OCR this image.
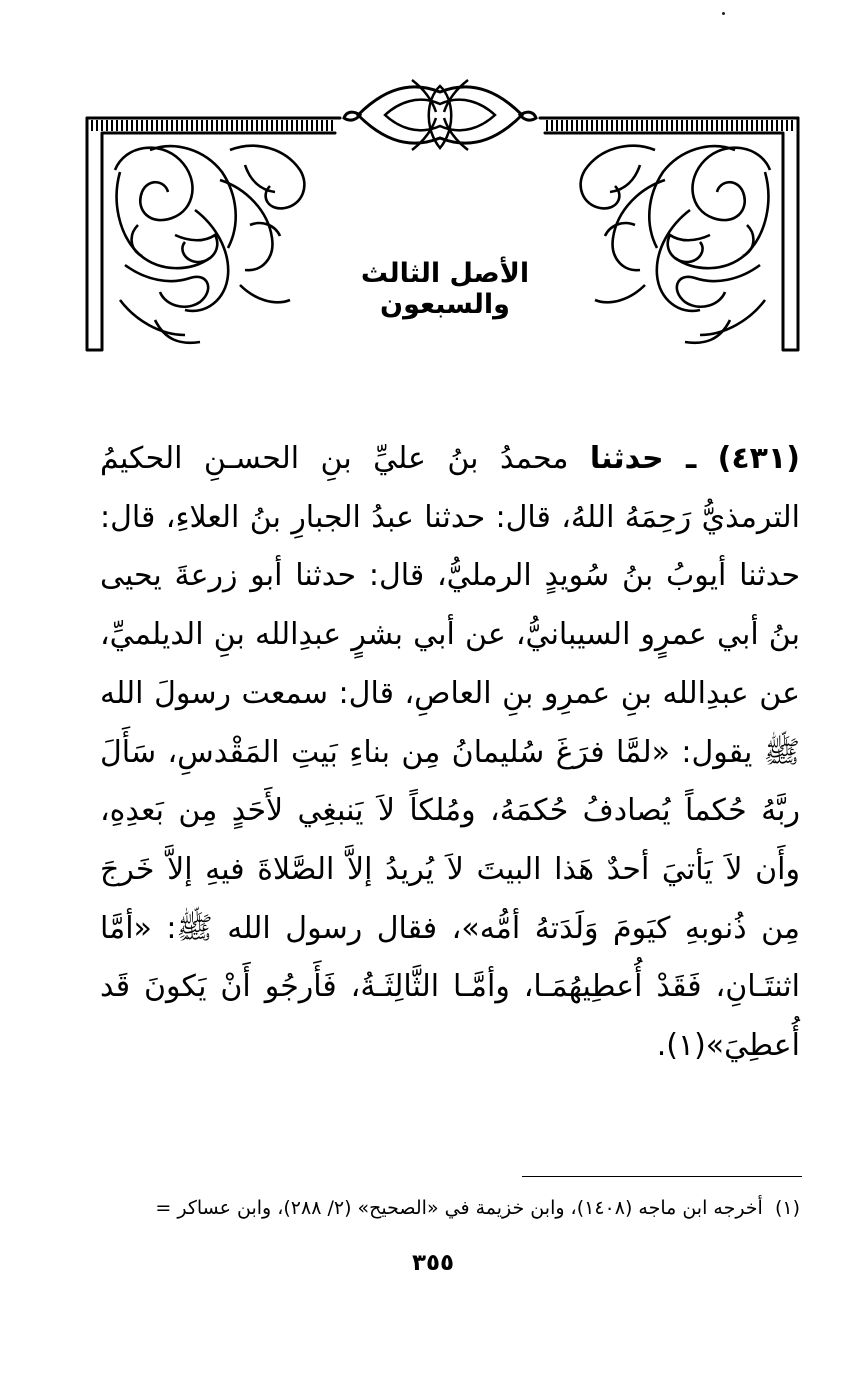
الأصل الثالث والسبعون
(٤٣١) ـ حدثنا محمدُ بنُ عليِّ بنِ الحسـنِ الحكيمُ الترمذيُّ رَحِمَهُ اللهُ، قال: حدثنا عبدُ الجبارِ بنُ العلاءِ، قال: حدثنا أيوبُ بنُ سُويدٍ الرمليُّ، قال: حدثنا أبو زرعةَ يحيى بنُ أبي عمرٍو السيبانيُّ، عن أبي بشرٍ عبدِالله بنِ الديلميِّ، عن عبدِالله بنِ عمرِو بنِ العاصِ، قال: سمعت رسولَ الله ﷺ يقول: «لمَّا فرَغَ سُليمانُ مِن بناءِ بَيتِ المَقْدسِ، سَأَلَ ربَّهُ حُكماً يُصادفُ حُكمَهُ، ومُلكاً لاَ يَنبغِي لأَحَدٍ مِن بَعدِهِ، وأَن لاَ يَأتيَ أحدٌ هَذا البيتَ لاَ يُريدُ إلاَّ الصَّلاةَ فيهِ إلاَّ خَرجَ مِن ذُنوبهِ كيَومَ وَلَدَتهُ أمُّه»، فقال رسول الله ﷺ: «أمَّا اثنتَـانِ، فَقَدْ أُعطِيهُمَـا، وأمَّـا الثَّالِثَـةُ، فَأَرجُو أَنْ يَكونَ قَد أُعطِيَ»(١).
(١)  أخرجه ابن ماجه (١٤٠٨)، وابن خزيمة في «الصحيح» (٢/ ٢٨٨)، وابن عساكر =
٣٥٥
